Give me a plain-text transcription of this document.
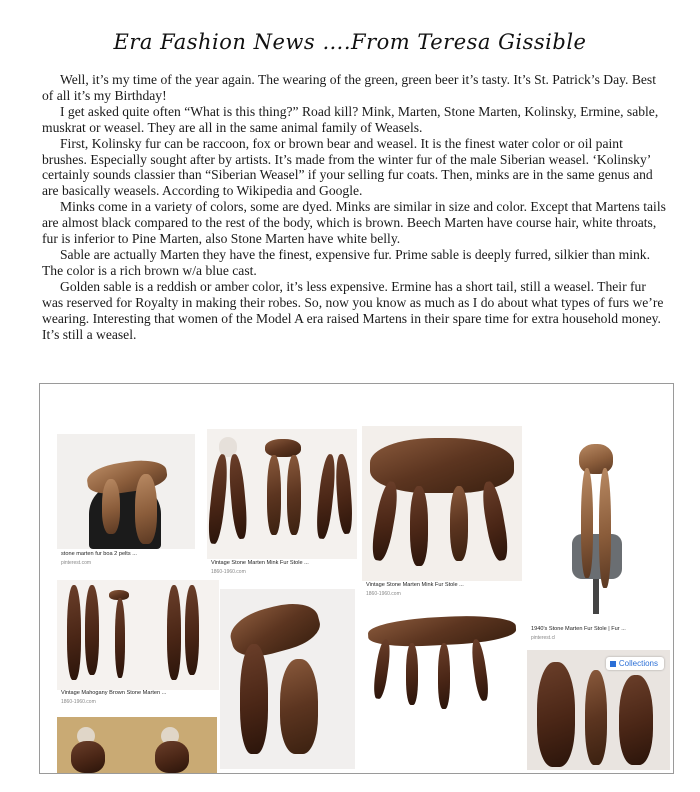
Era Fashion News ….From Teresa Gissible

Well, it’s my time of the year again. The wearing of the green, green beer it’s tasty. It’s St. Patrick’s Day. Best of all it’s my Birthday!

I get asked quite often “What is this thing?” Road kill? Mink, Marten, Stone Marten, Kolinsky, Ermine, sable, muskrat or weasel. They are all in the same animal family of Weasels.

First, Kolinsky fur can be raccoon, fox or brown bear and weasel. It is the finest water color or oil paint brushes. Especially sought after by artists. It’s made from the winter fur of the male Siberian weasel. ‘Kolinsky’ certainly sounds classier than “Siberian Weasel” if your selling fur coats. Then, minks are in the same genus and are basically weasels. According to Wikipedia and Google.

Minks come in a variety of colors, some are dyed. Minks are similar in size and color. Except that Martens tails are almost black compared to the rest of the body, which is brown. Beech Marten have course hair, white throats, fur is inferior to Pine Marten, also Stone Marten have white belly.

Sable are actually Marten they have the finest, expensive fur. Prime sable is deeply furred, silkier than mink. The color is a rich brown w/a blue cast.

Golden sable is a reddish or amber color, it’s less expensive. Ermine has a short tail, still a weasel. Their fur was reserved for Royalty in making their robes. So, now you know as much as I do about what types of furs we’re wearing. Interesting that women of the Model A era raised Martens in their spare time for extra household money. It’s still a weasel.

stone marten fur boa 2 pelts ...
pinterest.com	Vintage Stone Marten Mink Fur Stole ...
1860-1960.com
Vintage Stone Marten Mink Fur Stole ...
1860-1960.com
1940's Stone Marten Fur Stole | Fur ...
pinterest.cl
Vintage Mahogany Brown Stone Marten ...
1860-1960.com
Collections
